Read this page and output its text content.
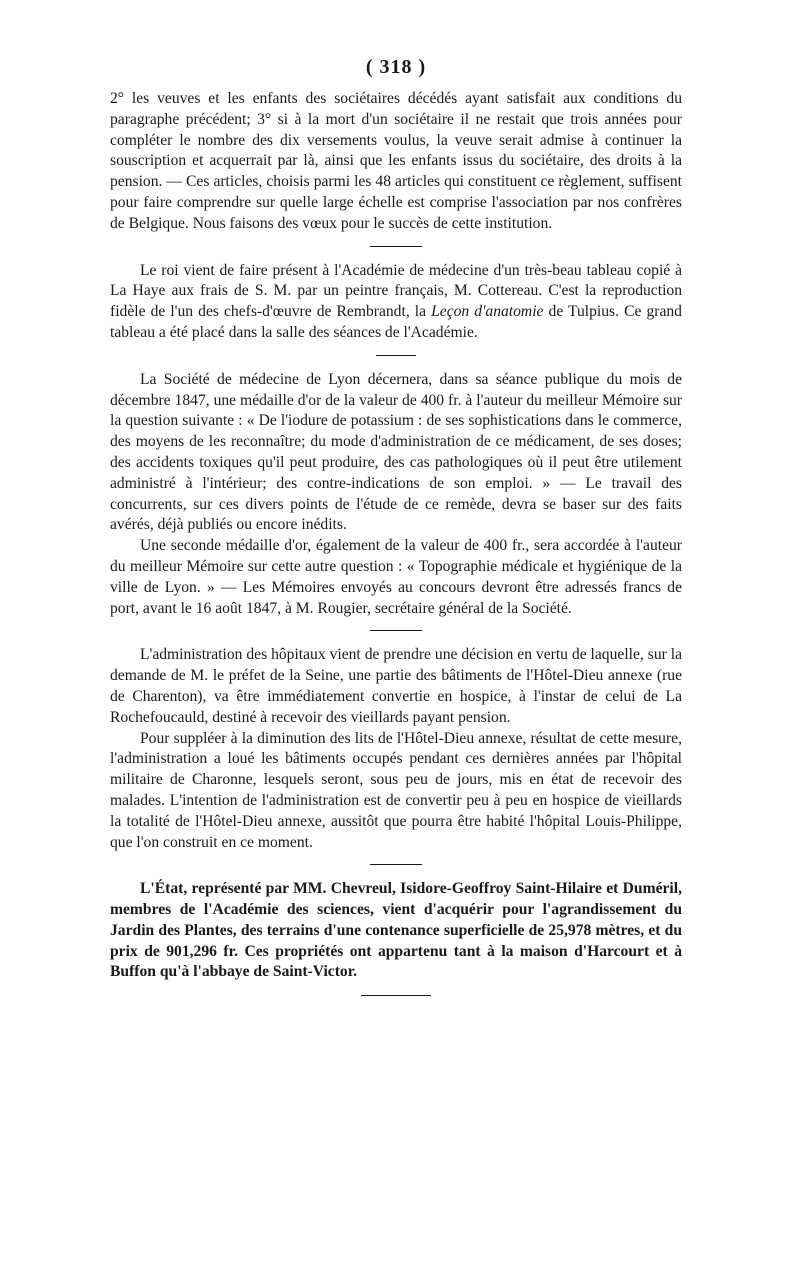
( 318 )

2° les veuves et les enfants des sociétaires décédés ayant satisfait aux conditions du paragraphe précédent; 3° si à la mort d'un sociétaire il ne restait que trois années pour compléter le nombre des dix versements voulus, la veuve serait admise à continuer la souscription et acquerrait par là, ainsi que les enfants issus du sociétaire, des droits à la pension. — Ces articles, choisis parmi les 48 articles qui constituent ce règlement, suffisent pour faire comprendre sur quelle large échelle est comprise l'association par nos confrères de Belgique. Nous faisons des vœux pour le succès de cette institution.

Le roi vient de faire présent à l'Académie de médecine d'un très-beau tableau copié à La Haye aux frais de S. M. par un peintre français, M. Cottereau. C'est la reproduction fidèle de l'un des chefs-d'œuvre de Rembrandt, la Leçon d'anatomie de Tulpius. Ce grand tableau a été placé dans la salle des séances de l'Académie.

La Société de médecine de Lyon décernera, dans sa séance publique du mois de décembre 1847, une médaille d'or de la valeur de 400 fr. à l'auteur du meilleur Mémoire sur la question suivante : « De l'iodure de potassium : de ses sophistications dans le commerce, des moyens de les reconnaître; du mode d'administration de ce médicament, de ses doses; des accidents toxiques qu'il peut produire, des cas pathologiques où il peut être utilement administré à l'intérieur; des contre-indications de son emploi. » — Le travail des concurrents, sur ces divers points de l'étude de ce remède, devra se baser sur des faits avérés, déjà publiés ou encore inédits.

Une seconde médaille d'or, également de la valeur de 400 fr., sera accordée à l'auteur du meilleur Mémoire sur cette autre question : « Topographie médicale et hygiénique de la ville de Lyon. » — Les Mémoires envoyés au concours devront être adressés francs de port, avant le 16 août 1847, à M. Rougier, secrétaire général de la Société.

L'administration des hôpitaux vient de prendre une décision en vertu de laquelle, sur la demande de M. le préfet de la Seine, une partie des bâtiments de l'Hôtel-Dieu annexe (rue de Charenton), va être immédiatement convertie en hospice, à l'instar de celui de La Rochefoucauld, destiné à recevoir des vieillards payant pension.

Pour suppléer à la diminution des lits de l'Hôtel-Dieu annexe, résultat de cette mesure, l'administration a loué les bâtiments occupés pendant ces dernières années par l'hôpital militaire de Charonne, lesquels seront, sous peu de jours, mis en état de recevoir des malades. L'intention de l'administration est de convertir peu à peu en hospice de vieillards la totalité de l'Hôtel-Dieu annexe, aussitôt que pourra être habité l'hôpital Louis-Philippe, que l'on construit en ce moment.

L'État, représenté par MM. Chevreul, Isidore-Geoffroy Saint-Hilaire et Duméril, membres de l'Académie des sciences, vient d'acquérir pour l'agrandissement du Jardin des Plantes, des terrains d'une contenance superficielle de 25,978 mètres, et du prix de 901,296 fr. Ces propriétés ont appartenu tant à la maison d'Harcourt et à Buffon qu'à l'abbaye de Saint-Victor.
